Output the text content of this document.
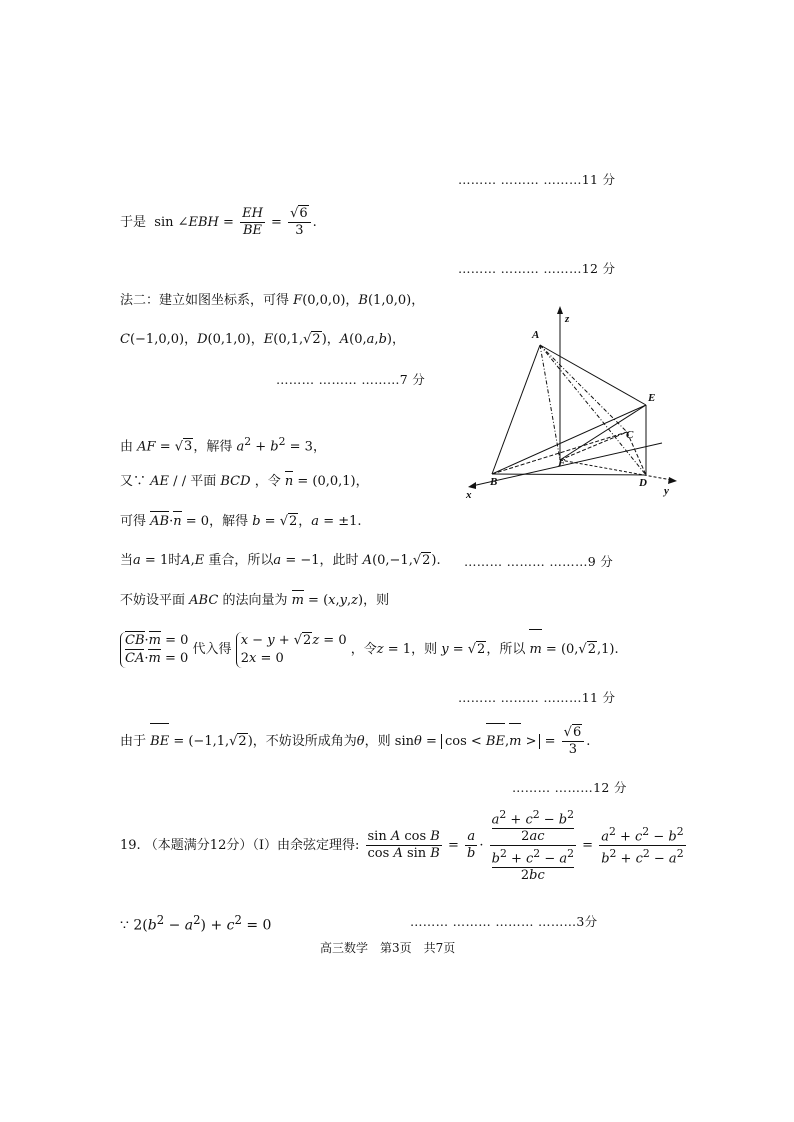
……… ……… ………11 分
于是  sin ∠EBH = $\frac{EH}{BE} = \frac{√6}{3}$ .
……… ……… ………12 分
法二：建立如图坐标系，可得 F(0,0,0)，B(1,0,0)，
C(−1,0,0)，D(0,1,0)，E(0,1,√2)，A(0,a,b)，
……… ……… ………7 分
由 AF = √3，解得 $a^2 + b^2 = 3$，
又∵ AE / / 平面 BCD ，令 n = (0,0,1)，
可得 AB·n = 0，解得 b = √2，a = ±1.
当a = 1时A,E 重合，所以a = −1，此时 A(0,−1,√2). ……… ……… ………9 分
不妨设平面 ABC 的法向量为 m = (x,y,z)，则
CB·m = 0
CA·m = 0
代入得
x − y + √2z = 0
2x = 0
，令z = 1，则 y = √2，所以 m = (0,√2,1).
……… ……… ………11 分
由于 BE = (−1,1,√2)，不妨设所成角为θ，则 sinθ = cos < BE,m > = $\frac{√6}{3}$ .
……… ………12 分
19. （本题满分12分）（Ⅰ）由余弦定理得: $\frac{\text{sin A cos B}}{\text{cos A sin B}} = \frac{a}{b} \cdot a^2 + c^2 - b^2$
2ac
$b^2 + c^2 - a^2$
$2bc = \frac{a^2 + c^2 - b^2}{b^2 + c^2 - a^2}$
∵ $2(b^2 - a^2) + c^2 = 0$	……… ……… ……… ………3分
高三数学　第3页　共7页
A
z
E
C
F
B	D
x	y
